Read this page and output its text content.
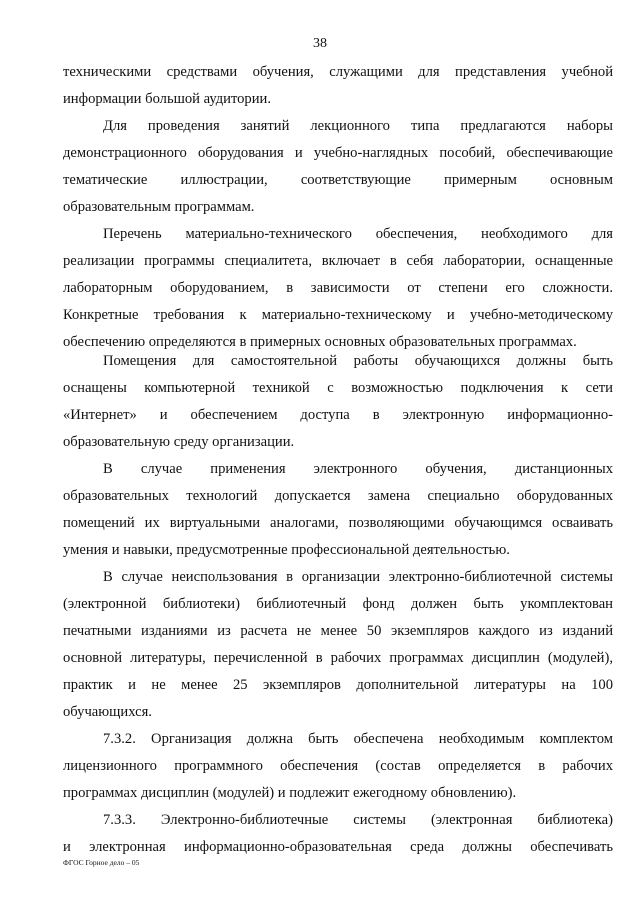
38
техническими средствами обучения, служащими для представления учебной
информации большой аудитории.
Для проведения занятий лекционного типа предлагаются наборы
демонстрационного оборудования и учебно-наглядных пособий, обеспечивающие
тематические иллюстрации, соответствующие примерным основным
образовательным программам.
Перечень материально-технического обеспечения, необходимого для
реализации программы специалитета, включает в себя лаборатории, оснащенные
лабораторным оборудованием, в зависимости от степени его сложности.
Конкретные требования к материально-техническому и учебно-методическому
обеспечению определяются в примерных основных образовательных программах.
Помещения для самостоятельной работы обучающихся должны быть
оснащены компьютерной техникой с возможностью подключения к сети
«Интернет» и обеспечением доступа в электронную информационно-
образовательную среду организации.
В случае применения электронного обучения, дистанционных
образовательных технологий допускается замена специально оборудованных
помещений их виртуальными аналогами, позволяющими обучающимся осваивать
умения и навыки, предусмотренные профессиональной деятельностью.
В случае неиспользования в организации электронно-библиотечной системы
(электронной библиотеки) библиотечный фонд должен быть укомплектован
печатными изданиями из расчета не менее 50 экземпляров каждого из изданий
основной литературы, перечисленной в рабочих программах дисциплин (модулей),
практик и не менее 25 экземпляров дополнительной литературы на 100
обучающихся.
7.3.2. Организация должна быть обеспечена необходимым комплектом
лицензионного программного обеспечения (состав определяется в рабочих
программах дисциплин (модулей) и подлежит ежегодному обновлению).
7.3.3. Электронно-библиотечные системы (электронная библиотека)
и электронная информационно-образовательная среда должны обеспечивать
ФГОС Горное дело – 05
